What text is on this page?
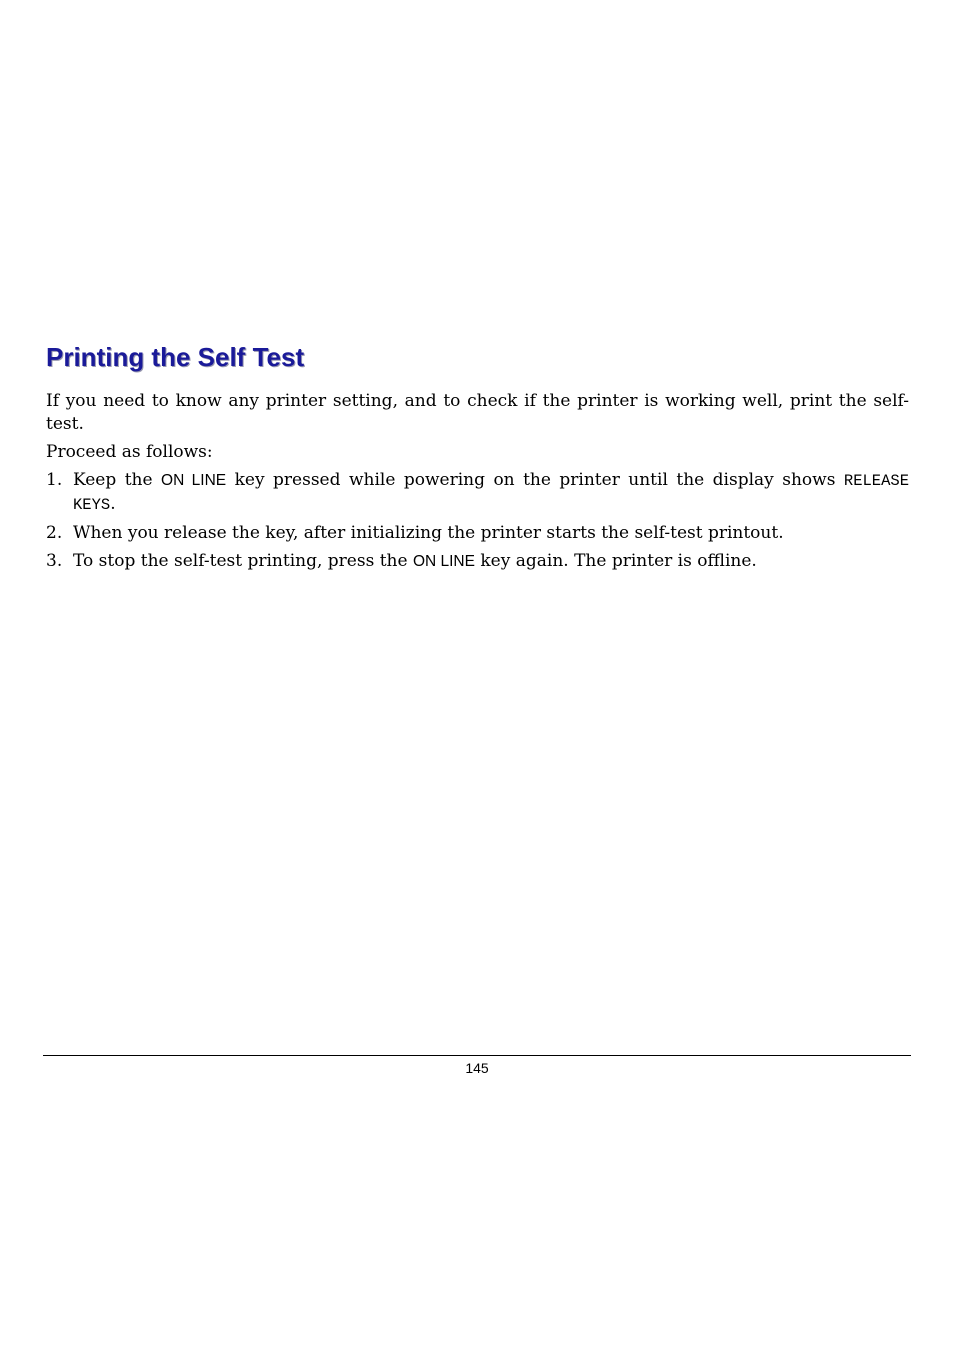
Printing the Self Test

If you need to know any printer setting, and to check if the printer is working well, print the self-test.

Proceed as follows:

1. Keep the ON LINE key pressed while powering on the printer until the display shows RELEASE KEYS.
2. When you release the key, after initializing the printer starts the self-test printout.
3. To stop the self-test printing, press the ON LINE key again. The printer is offline.
145
